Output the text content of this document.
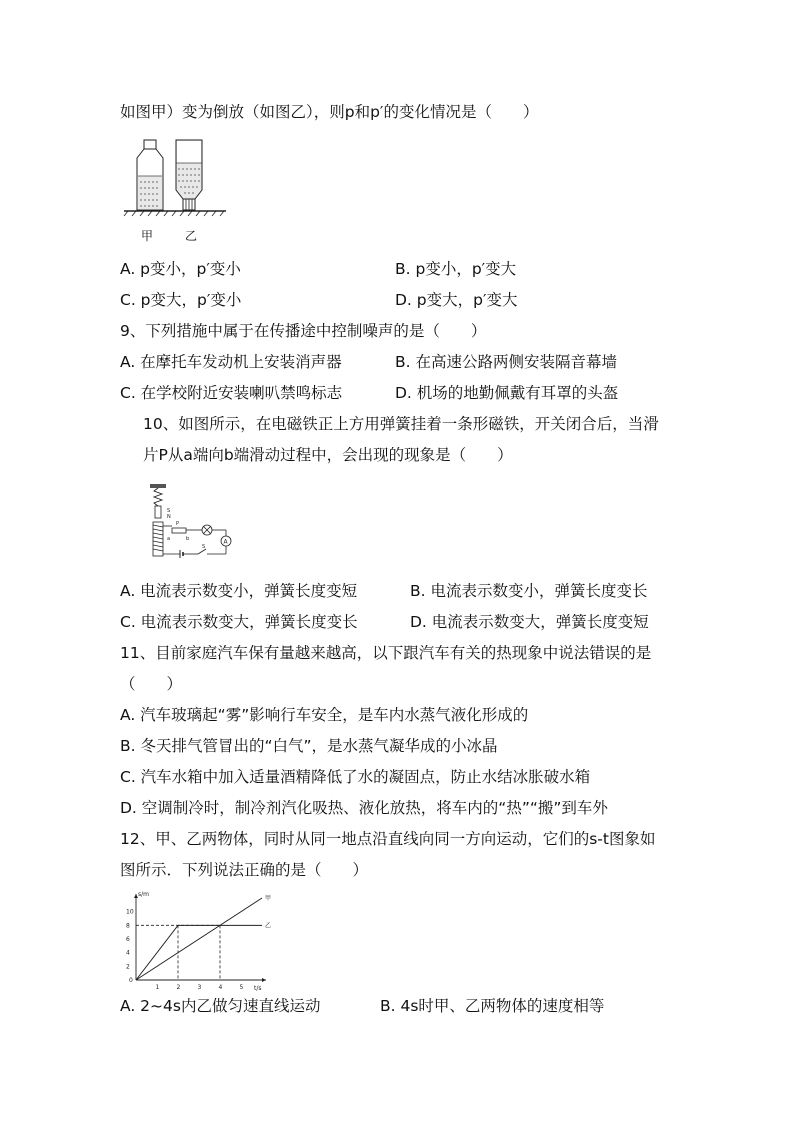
如图甲）变为倒放（如图乙），则p和p′的变化情况是（　　）
甲	乙
A. p变小，p′变小	B. p变小，p′变大
C. p变大，p′变小	D. p变大，p′变大
9、下列措施中属于在传播途中控制噪声的是（　　）
A. 在摩托车发动机上安装消声器	B. 在高速公路两侧安装隔音幕墙
C. 在学校附近安装喇叭禁鸣标志	D. 机场的地勤佩戴有耳罩的头盔
10、如图所示，在电磁铁正上方用弹簧挂着一条形磁铁，开关闭合后，当滑
片P从a端向b端滑动过程中，会出现的现象是（　　）
S
N
P
a	b	A
S
A. 电流表示数变小，弹簧长度变短	B. 电流表示数变小，弹簧长度变长
C. 电流表示数变大，弹簧长度变长	D. 电流表示数变大，弹簧长度变短
11、目前家庭汽车保有量越来越高，以下跟汽车有关的热现象中说法错误的是
（　　）
A. 汽车玻璃起“雾”影响行车安全，是车内水蒸气液化形成的
B. 冬天排气管冒出的“白气”，是水蒸气凝华成的小冰晶
C. 汽车水箱中加入适量酒精降低了水的凝固点，防止水结冰胀破水箱
D. 空调制冷时，制冷剂汽化吸热、液化放热，将车内的“热”“搬”到车外
12、甲、乙两物体，同时从同一地点沿直线向同一方向运动，它们的s-t图象如
图所示．下列说法正确的是（　　）
t/s
s/m
1	2	3	4	5
2
4
6
8
10
0
甲
乙
A. 2~4s内乙做匀速直线运动	B. 4s时甲、乙两物体的速度相等
